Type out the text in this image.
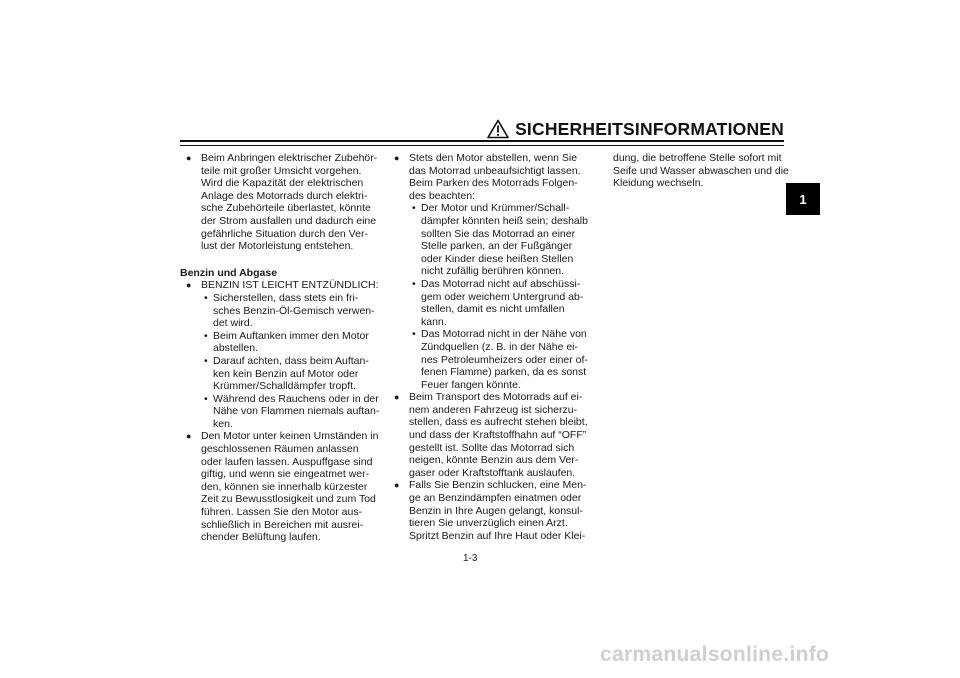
SICHERHEITSINFORMATIONEN
1
● Beim Anbringen elektrischer Zubehör-teile mit großer Umsicht vorgehen. Wird die Kapazität der elektrischen Anlage des Motorrads durch elektri-sche Zubehörteile überlastet, könnte der Strom ausfallen und dadurch eine gefährliche Situation durch den Ver-lust der Motorleistung entstehen.
Benzin und Abgase
● BENZIN IST LEICHT ENTZÜNDLICH:
• Sicherstellen, dass stets ein fri-sches Benzin-Öl-Gemisch verwen-det wird.
• Beim Auftanken immer den Motor abstellen.
• Darauf achten, dass beim Auftan-ken kein Benzin auf Motor oder Krümmer/Schalldämpfer tropft.
• Während des Rauchens oder in der Nähe von Flammen niemals auftan-ken.
● Den Motor unter keinen Umständen in geschlossenen Räumen anlassen oder laufen lassen. Auspuffgase sind giftig, und wenn sie eingeatmet wer-den, können sie innerhalb kürzester Zeit zu Bewusstlosigkeit und zum Tod führen. Lassen Sie den Motor aus-schließlich in Bereichen mit ausrei-chender Belüftung laufen.
● Stets den Motor abstellen, wenn Sie das Motorrad unbeaufsichtigt lassen. Beim Parken des Motorrads Folgen-des beachten:
• Der Motor und Krümmer/Schall-dämpfer könnten heiß sein; deshalb sollten Sie das Motorrad an einer Stelle parken, an der Fußgänger oder Kinder diese heißen Stellen nicht zufällig berühren können.
• Das Motorrad nicht auf abschüssi-gem oder weichem Untergrund ab-stellen, damit es nicht umfallen kann.
• Das Motorrad nicht in der Nähe von Zündquellen (z. B. in der Nähe ei-nes Petroleumheizers oder einer of-fenen Flamme) parken, da es sonst Feuer fangen könnte.
● Beim Transport des Motorrads auf ei-nem anderen Fahrzeug ist sicherzu-stellen, dass es aufrecht stehen bleibt, und dass der Kraftstoffhahn auf “OFF” gestellt ist. Sollte das Motorrad sich neigen, könnte Benzin aus dem Ver-gaser oder Kraftstofftank auslaufen.
● Falls Sie Benzin schlucken, eine Men-ge an Benzindämpfen einatmen oder Benzin in Ihre Augen gelangt, konsul-tieren Sie unverzüglich einen Arzt. Spritzt Benzin auf Ihre Haut oder Klei-
dung, die betroffene Stelle sofort mit Seife und Wasser abwaschen und die Kleidung wechseln.
1-3
carmanualsonline.info
